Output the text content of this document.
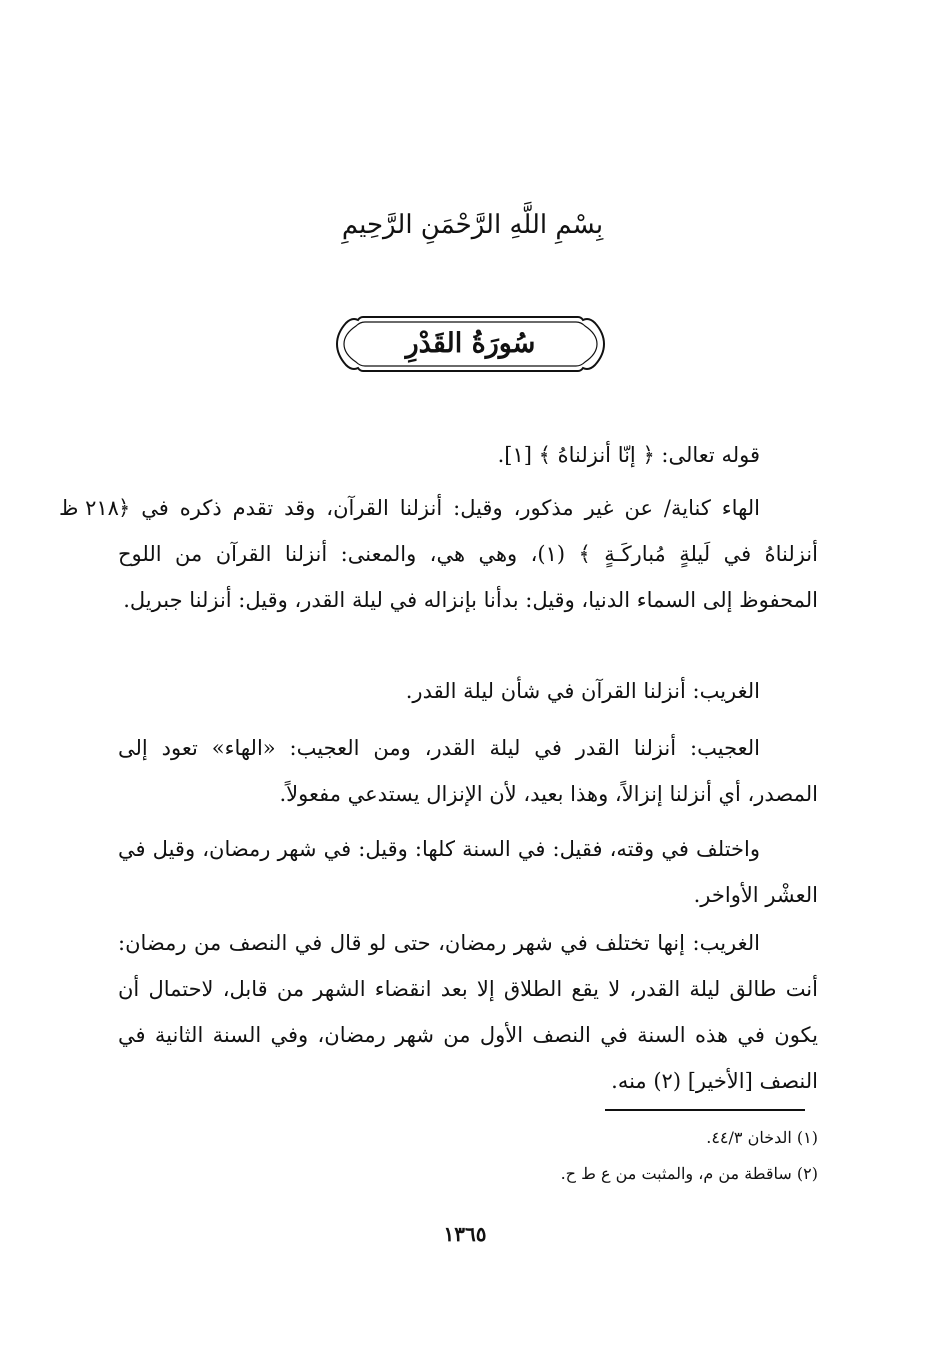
بِسْمِ اللَّهِ الرَّحْمَنِ الرَّحِيمِ
سُورَةُ القَدْرِ

قوله تعالى: ﴿ إنّا أنزلناهُ ﴾ [١].

٢١٨ ظ الهاء كناية/ عن غير مذكور، وقيل: أنزلنا القرآن، وقد تقدم ذكره في ﴿ أنزلناهُ في لَيلةٍ مُباركَـةٍ ﴾ (١)، وهي هي، والمعنى: أنزلنا القرآن من اللوح المحفوظ إلى السماء الدنيا، وقيل: بدأنا بإنزاله في ليلة القدر، وقيل: أنزلنا جبريل.

الغريب: أنزلنا القرآن في شأن ليلة القدر.

العجيب: أنزلنا القدر في ليلة القدر، ومن العجيب: «الهاء» تعود إلى المصدر، أي أنزلنا إنزالاً، وهذا بعيد، لأن الإنزال يستدعي مفعولاً.

واختلف في وقته، فقيل: في السنة كلها: وقيل: في شهر رمضان، وقيل في العشْر الأواخر.

الغريب: إنها تختلف في شهر رمضان، حتى لو قال في النصف من رمضان: أنت طالق ليلة القدر، لا يقع الطلاق إلا بعد انقضاء الشهر من قابل، لاحتمال أن يكون في هذه السنة في النصف الأول من شهر رمضان، وفي السنة الثانية في النصف [الأخير] (٢) منه.

(١) الدخان ٤٤/٣.
(٢) ساقطة من م، والمثبت من ع ط ح.
١٣٦٥
